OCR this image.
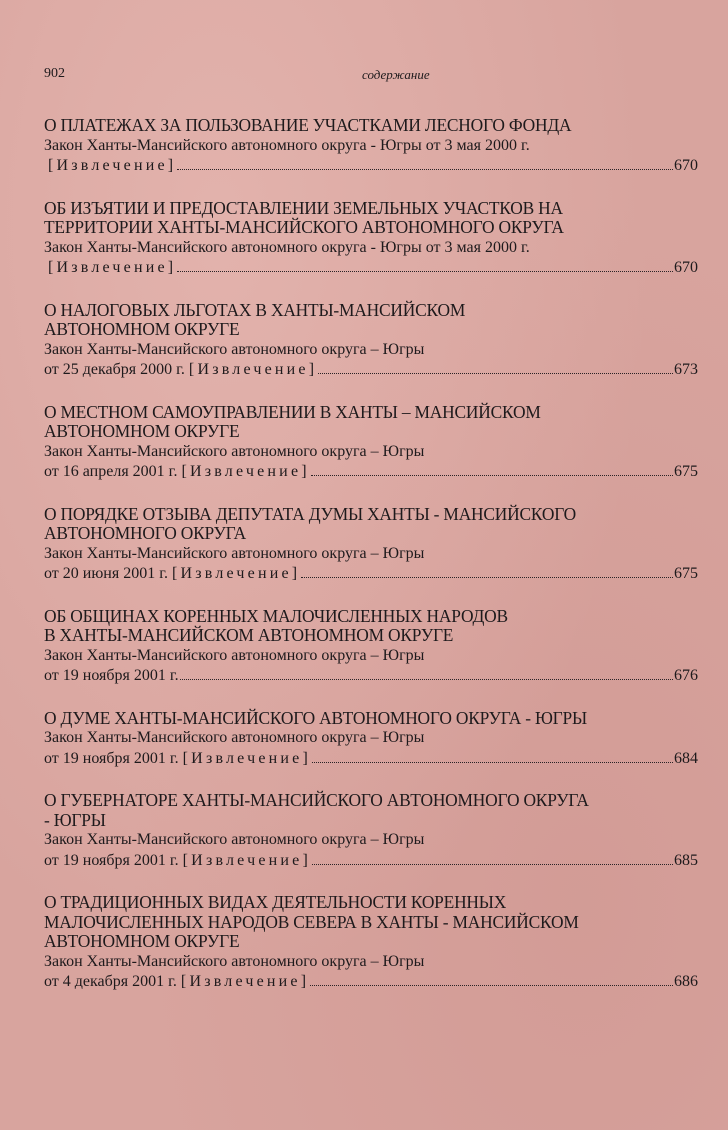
902	содержание
О ПЛАТЕЖАХ ЗА ПОЛЬЗОВАНИЕ УЧАСТКАМИ ЛЕСНОГО ФОНДА
Закон Ханты-Мансийского автономного округа - Югры от 3 мая 2000 г.
[Извлечение]	670
ОБ ИЗЪЯТИИ И ПРЕДОСТАВЛЕНИИ ЗЕМЕЛЬНЫХ УЧАСТКОВ НА
ТЕРРИТОРИИ ХАНТЫ-МАНСИЙСКОГО АВТОНОМНОГО ОКРУГА
Закон Ханты-Мансийского автономного округа - Югры от 3 мая 2000 г.
[Извлечение]	670
О НАЛОГОВЫХ ЛЬГОТАХ В ХАНТЫ-МАНСИЙСКОМ
АВТОНОМНОМ ОКРУГЕ
Закон Ханты-Мансийского автономного округа – Югры
от 25 декабря 2000 г. [Извлечение]	673
О МЕСТНОМ САМОУПРАВЛЕНИИ В ХАНТЫ – МАНСИЙСКОМ
АВТОНОМНОМ ОКРУГЕ
Закон Ханты-Мансийского автономного округа – Югры
от 16 апреля 2001 г. [Извлечение]	675
О ПОРЯДКЕ ОТЗЫВА ДЕПУТАТА ДУМЫ ХАНТЫ - МАНСИЙСКОГО
АВТОНОМНОГО ОКРУГА
Закон Ханты-Мансийского автономного округа – Югры
от 20 июня 2001 г. [Извлечение]	675
ОБ ОБЩИНАХ КОРЕННЫХ МАЛОЧИСЛЕННЫХ НАРОДОВ
В ХАНТЫ-МАНСИЙСКОМ АВТОНОМНОМ ОКРУГЕ
Закон Ханты-Мансийского автономного округа – Югры
от 19 ноября 2001 г.	676
О ДУМЕ ХАНТЫ-МАНСИЙСКОГО АВТОНОМНОГО ОКРУГА - ЮГРЫ
Закон Ханты-Мансийского автономного округа – Югры
от 19 ноября 2001 г. [Извлечение]	684
О ГУБЕРНАТОРЕ ХАНТЫ-МАНСИЙСКОГО АВТОНОМНОГО ОКРУГА
- ЮГРЫ
Закон Ханты-Мансийского автономного округа – Югры
от 19 ноября 2001 г. [Извлечение]	685
О ТРАДИЦИОННЫХ ВИДАХ ДЕЯТЕЛЬНОСТИ КОРЕННЫХ
МАЛОЧИСЛЕННЫХ НАРОДОВ СЕВЕРА В ХАНТЫ - МАНСИЙСКОМ
АВТОНОМНОМ ОКРУГЕ
Закон Ханты-Мансийского автономного округа – Югры
от 4 декабря 2001 г. [Извлечение]	686
